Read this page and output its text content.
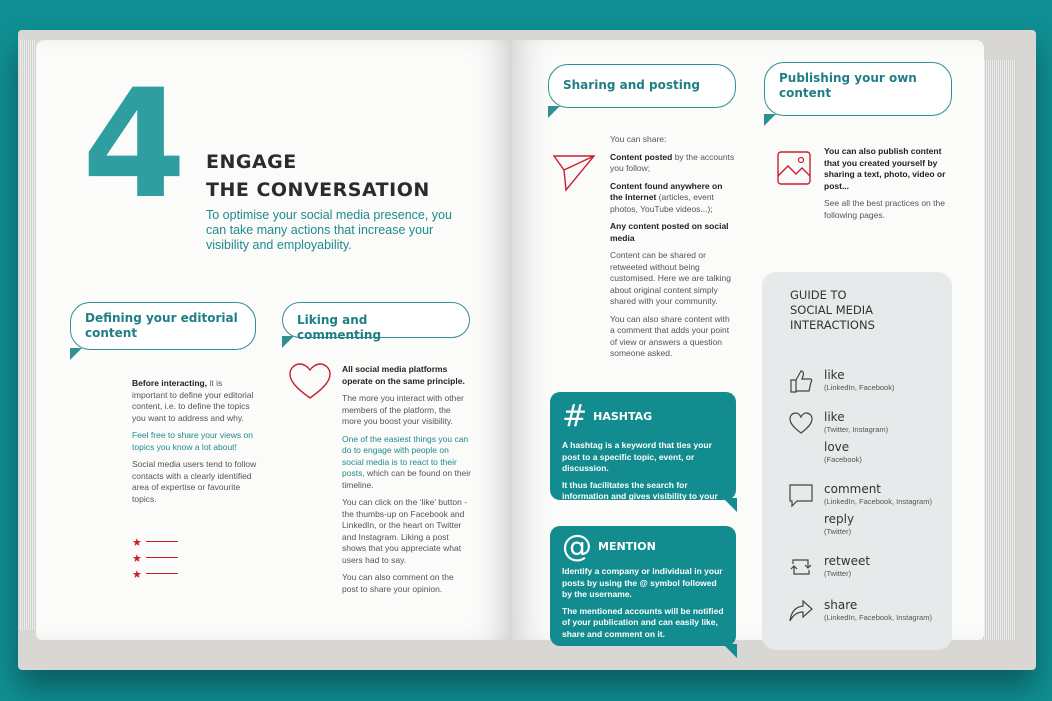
4 ENGAGE
THE CONVERSATION
To optimise your social media presence, you can take many actions that increase your visibility and employability.
Defining your editorial content
Liking and commenting

Before interacting, it is important to define your editorial content, i.e. to define the topics you want to address and why.

Feel free to share your views on topics you know a lot about!

Social media users tend to follow contacts with a clearly identified area of expertise or favourite topics.

★
★
★

All social media platforms operate on the same principle.

The more you interact with other members of the platform, the more you boost your visibility.

One of the easiest things you can do to engage with people on social media is to react to their posts, which can be found on their timeline.

You can click on the ‘like’ button - the thumbs-up on Facebook and LinkedIn, or the heart on Twitter and Instagram. Liking a post shows that you appreciate what users had to say.

You can also comment on the post to share your opinion.

Sharing and posting	Publishing your own content

You can share:

Content posted by the accounts you follow;

Content found anywhere on the Internet (articles, event photos, YouTube videos...);

Any content posted on social media

Content can be shared or retweeted without being customised. Here we are talking about original content simply shared with your community.

You can also share content with a comment that adds your point of view or answers a question someone asked.

You can also publish content that you created yourself by sharing a text, photo, video or post...

See all the best practices on the following pages.

# HASHTAG

A hashtag is a keyword that ties your post to a specific topic, event, or discussion.

It thus facilitates the search for information and gives visibility to your post.

@ MENTION

Identify a company or individual in your posts by using the @ symbol followed by the username.

The mentioned accounts will be notified of your publication and can easily like, share and comment on it.

GUIDE TO
SOCIAL MEDIA
INTERACTIONS
like
(LinkedIn, Facebook)
like
(Twitter, Instagram)
love
(Facebook)
comment
(LinkedIn, Facebook, Instagram)
reply
(Twitter)
retweet
(Twitter)
share
(LinkedIn, Facebook, Instagram)
